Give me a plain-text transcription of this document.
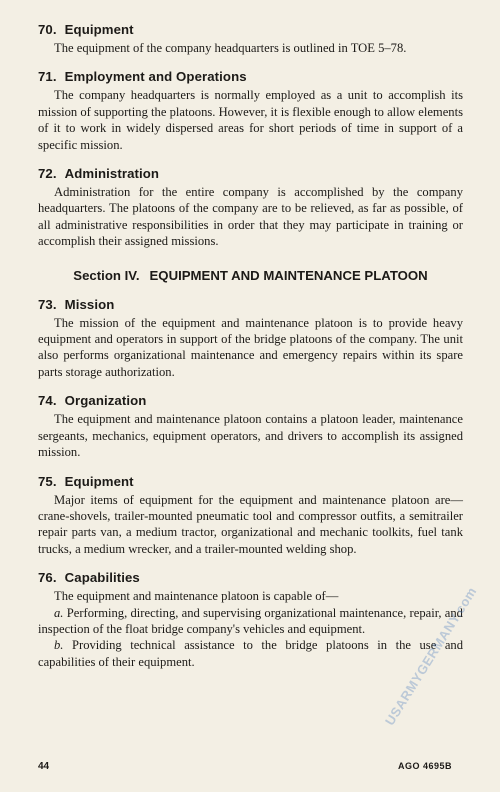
70. Equipment

The equipment of the company headquarters is outlined in TOE 5–78.

71. Employment and Operations

The company headquarters is normally employed as a unit to accomplish its mission of supporting the platoons. However, it is flexible enough to allow elements of it to work in widely dispersed areas for short periods of time in support of a specific mission.

72. Administration

Administration for the entire company is accomplished by the company headquarters. The platoons of the company are to be relieved, as far as possible, of all administrative responsibilities in order that they may participate in training or accomplish their assigned missions.

Section IV. EQUIPMENT AND MAINTENANCE PLATOON

73. Mission

The mission of the equipment and maintenance platoon is to provide heavy equipment and operators in support of the bridge platoons of the company. The unit also performs organizational maintenance and emergency repairs within its spare parts storage authorization.

74. Organization

The equipment and maintenance platoon contains a platoon leader, maintenance sergeants, mechanics, equipment operators, and drivers to accomplish its assigned mission.

75. Equipment

Major items of equipment for the equipment and maintenance platoon are—crane-shovels, trailer-mounted pneumatic tool and compressor outfits, a semitrailer repair parts van, a medium tractor, organizational and mechanic toolkits, fuel tank trucks, a medium wrecker, and a trailer-mounted welding shop.

76. Capabilities

The equipment and maintenance platoon is capable of—

a. Performing, directing, and supervising organizational maintenance, repair, and inspection of the float bridge company's vehicles and equipment.

b. Providing technical assistance to the bridge platoons in the use and capabilities of their equipment.

44	AGO 4695B
USARMYGERMANY.com
